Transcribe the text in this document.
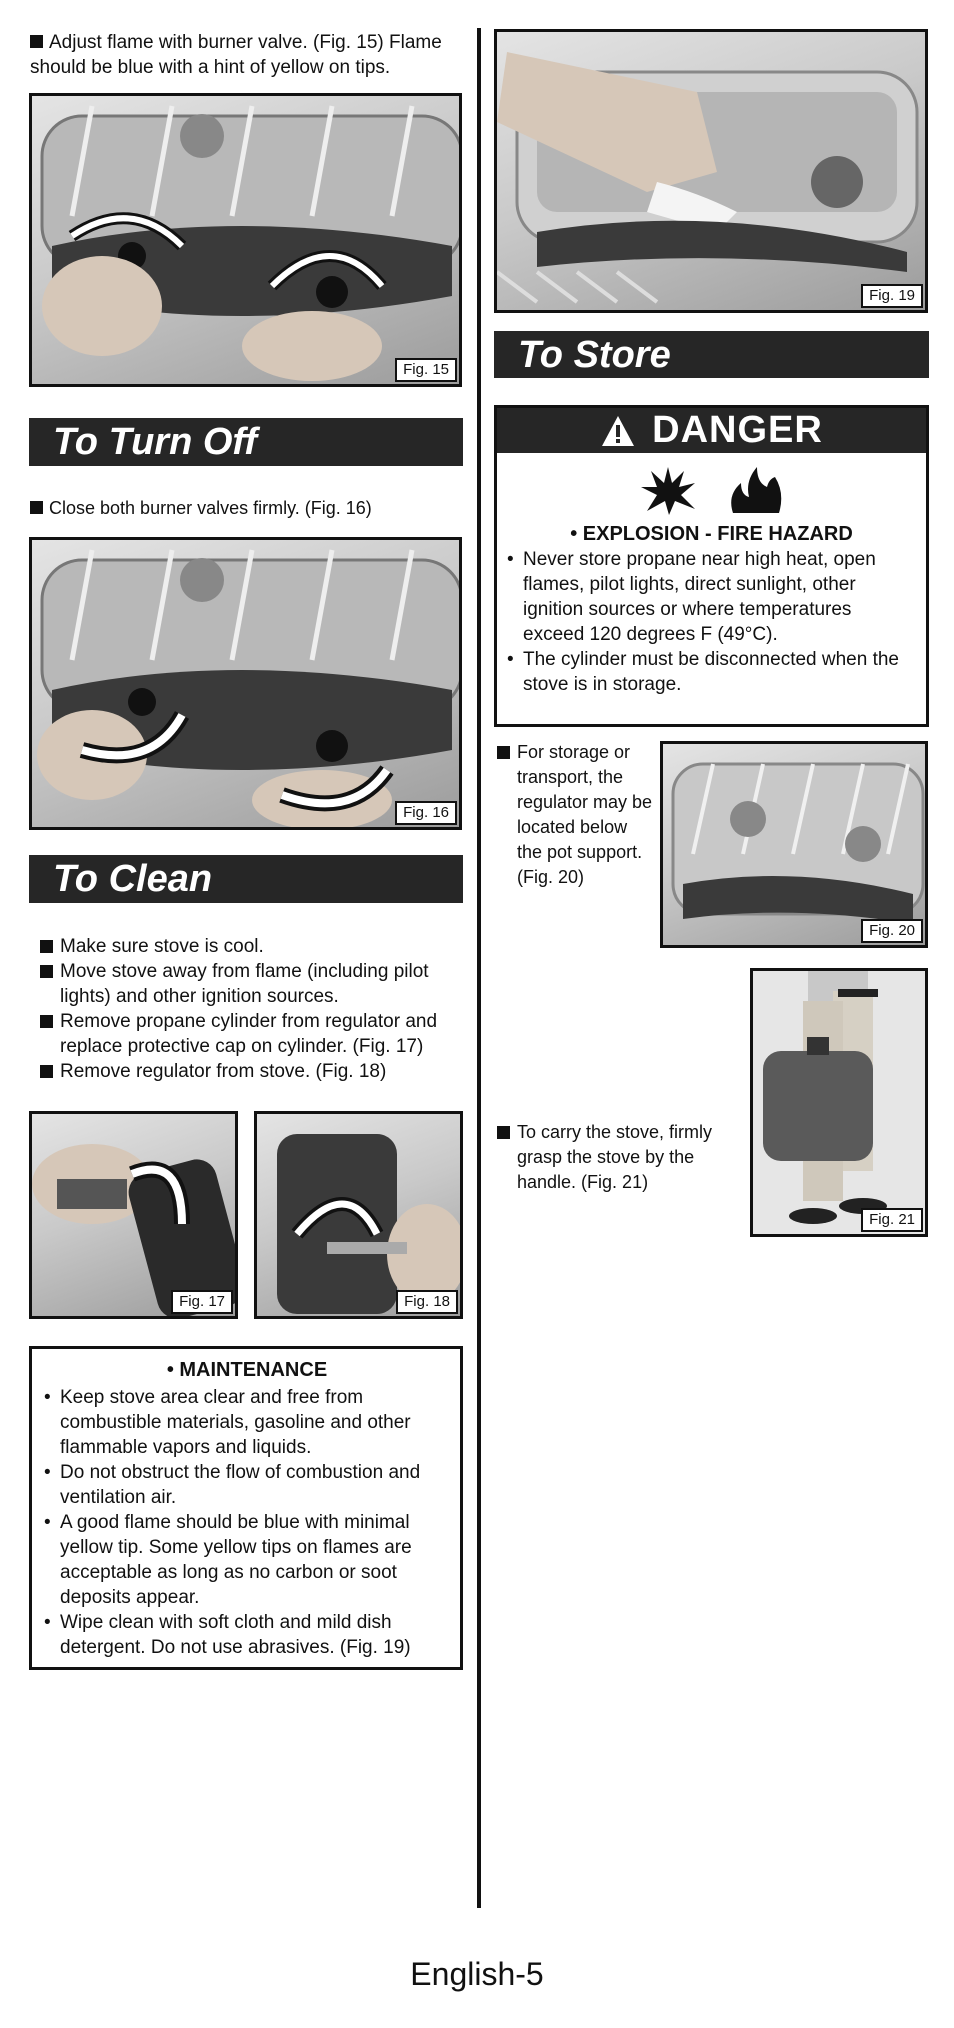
Adjust flame with burner valve. (Fig. 15) Flame should be blue with a hint of yellow on tips.
Fig. 15
To Turn Off
Close both burner valves firmly. (Fig. 16)
Fig. 16
To Clean
Make sure stove is cool.
Move stove away from flame (including pilot lights) and other ignition sources.
Remove propane cylinder from regulator and replace protective cap on cylinder. (Fig. 17)
Remove regulator from stove. (Fig. 18)
Fig. 17	Fig. 18
• MAINTENANCE
• Keep stove area clear and free from combustible materials, gasoline and other flammable vapors and liquids.
• Do not obstruct the flow of combustion and ventilation air.
• A good flame should be blue with minimal yellow tip. Some yellow tips on flames are acceptable as long as no carbon or soot deposits appear.
• Wipe clean with soft cloth and mild dish detergent. Do not use abrasives. (Fig. 19)
Fig. 19
To Store
DANGER
• EXPLOSION - FIRE HAZARD
• Never store propane near high heat, open flames, pilot lights, direct sunlight, other ignition sources or where temperatures exceed 120 degrees F (49°C).
• The cylinder must be disconnected when the stove is in storage.
For storage or transport, the regulator may be located below the pot support. (Fig. 20)
Fig. 20
To carry the stove, firmly grasp the stove by the handle. (Fig. 21)
Fig. 21
English-5
